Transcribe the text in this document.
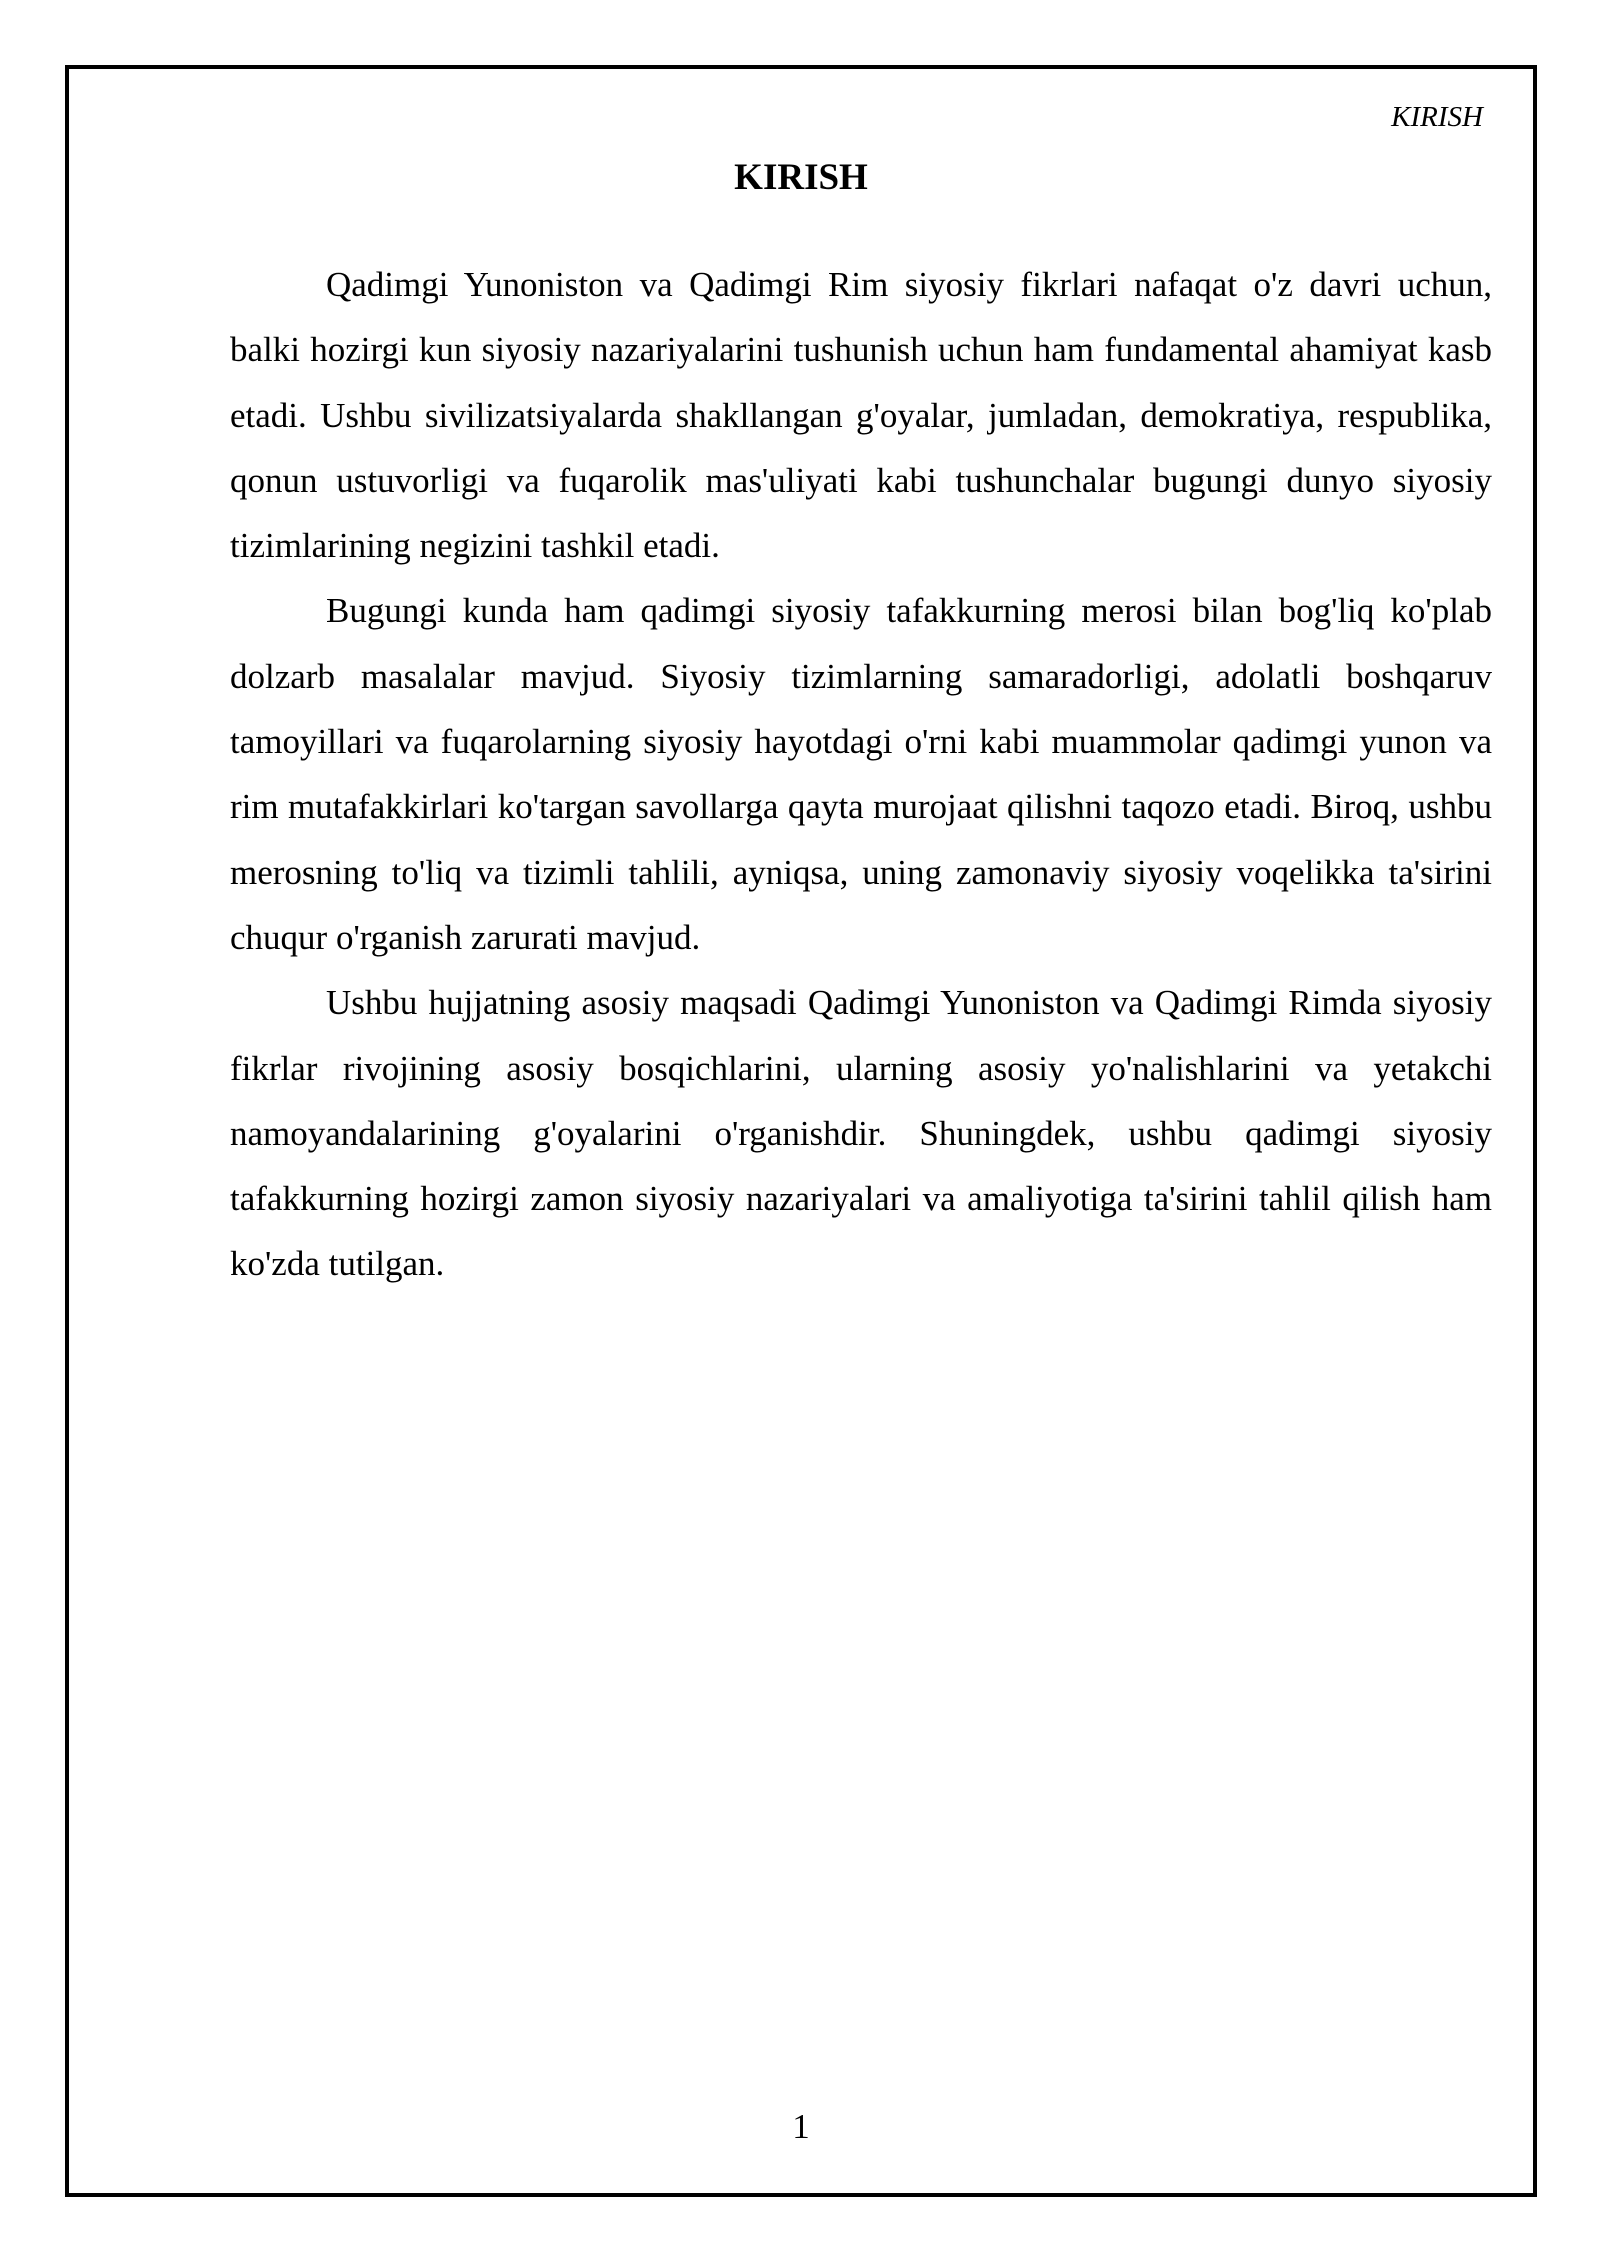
KIRISH
KIRISH

Qadimgi Yunoniston va Qadimgi Rim siyosiy fikrlari nafaqat o'z davri uchun, balki hozirgi kun siyosiy nazariyalarini tushunish uchun ham fundamental ahamiyat kasb etadi. Ushbu sivilizatsiyalarda shakllangan g'oyalar, jumladan, demokratiya, respublika, qonun ustuvorligi va fuqarolik mas'uliyati kabi tushunchalar bugungi dunyo siyosiy tizimlarining negizini tashkil etadi.

Bugungi kunda ham qadimgi siyosiy tafakkurning merosi bilan bog'liq ko'plab dolzarb masalalar mavjud. Siyosiy tizimlarning samaradorligi, adolatli boshqaruv tamoyillari va fuqarolarning siyosiy hayotdagi o'rni kabi muammolar qadimgi yunon va rim mutafakkirlari ko'targan savollarga qayta murojaat qilishni taqozo etadi. Biroq, ushbu merosning to'liq va tizimli tahlili, ayniqsa, uning zamonaviy siyosiy voqelikka ta'sirini chuqur o'rganish zarurati mavjud.

Ushbu hujjatning asosiy maqsadi Qadimgi Yunoniston va Qadimgi Rimda siyosiy fikrlar rivojining asosiy bosqichlarini, ularning asosiy yo'nalishlarini va yetakchi namoyandalarining g'oyalarini o'rganishdir. Shuningdek, ushbu qadimgi siyosiy tafakkurning hozirgi zamon siyosiy nazariyalari va amaliyotiga ta'sirini tahlil qilish ham ko'zda tutilgan.

1
